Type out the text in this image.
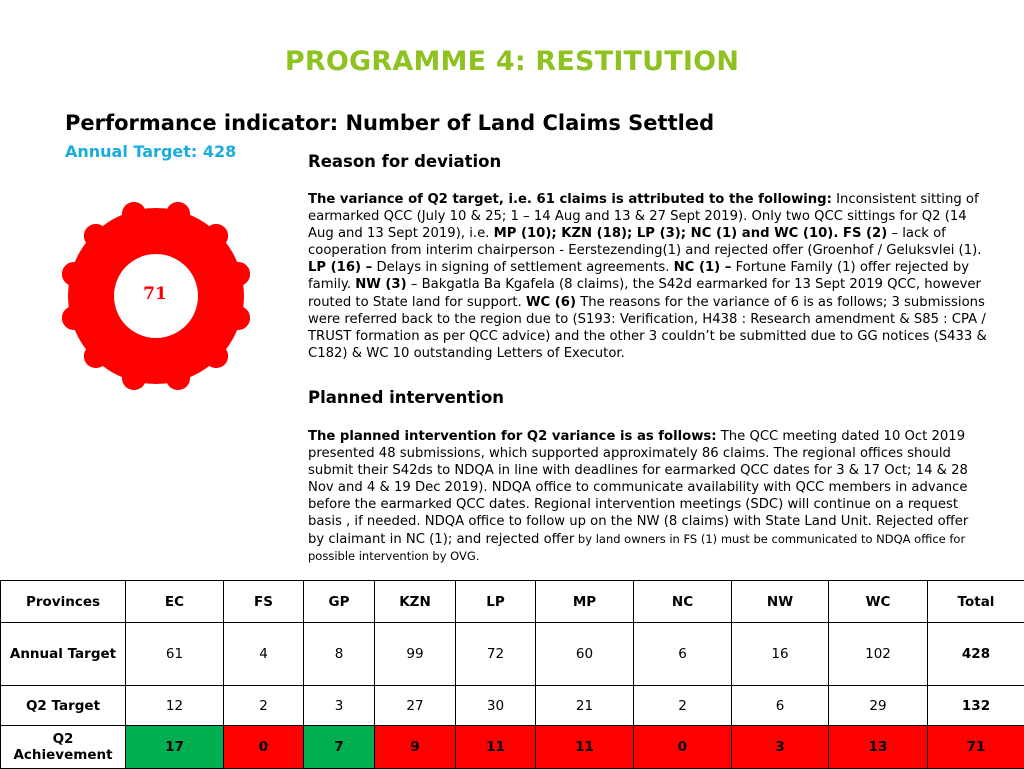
PROGRAMME 4: RESTITUTION
Performance indicator: Number of Land Claims Settled
Annual Target: 428
71
Reason for deviation
The variance of Q2 target, i.e. 61 claims is attributed to the following: Inconsistent sitting of earmarked QCC (July 10 & 25; 1 – 14 Aug and 13 & 27 Sept 2019). Only two QCC sittings for Q2 (14 Aug and 13 Sept 2019), i.e. MP (10); KZN (18); LP (3); NC (1) and WC (10). FS (2) – lack of cooperation from interim chairperson - Eerstezending(1) and rejected offer (Groenhof / Geluksvlei (1). LP (16) – Delays in signing of settlement agreements. NC (1) – Fortune Family (1) offer rejected by family. NW (3) – Bakgatla Ba Kgafela (8 claims), the S42d earmarked for 13 Sept 2019 QCC, however routed to State land for support. WC (6) The reasons for the variance of 6 is as follows; 3 submissions were referred back to the region due to (S193: Verification, H438 : Research amendment & S85 : CPA / TRUST formation as per QCC advice) and the other 3 couldn’t be submitted due to GG notices (S433 & C182) & WC 10 outstanding Letters of Executor.
Planned intervention
The planned intervention for Q2 variance is as follows: The QCC meeting dated 10 Oct 2019 presented 48 submissions, which supported approximately 86 claims. The regional offices should submit their S42ds to NDQA in line with deadlines for earmarked QCC dates for 3 & 17 Oct; 14 & 28 Nov and 4 & 19 Dec 2019). NDQA office to communicate availability with QCC members in advance before the earmarked QCC dates. Regional intervention meetings (SDC) will continue on a request basis , if needed. NDQA office to follow up on the NW (8 claims) with State Land Unit. Rejected offer by claimant in NC (1); and rejected offer by land owners in FS (1) must be communicated to NDQA office for possible intervention by OVG.
Provinces	EC	FS	GP	KZN	LP	MP	NC	NW	WC	Total
Annual Target	61	4	8	99	72	60	6	16	102	428
Q2 Target	12	2	3	27	30	21	2	6	29	132
Q2 Achievement	17	0	7	9	11	11	0	3	13	71
